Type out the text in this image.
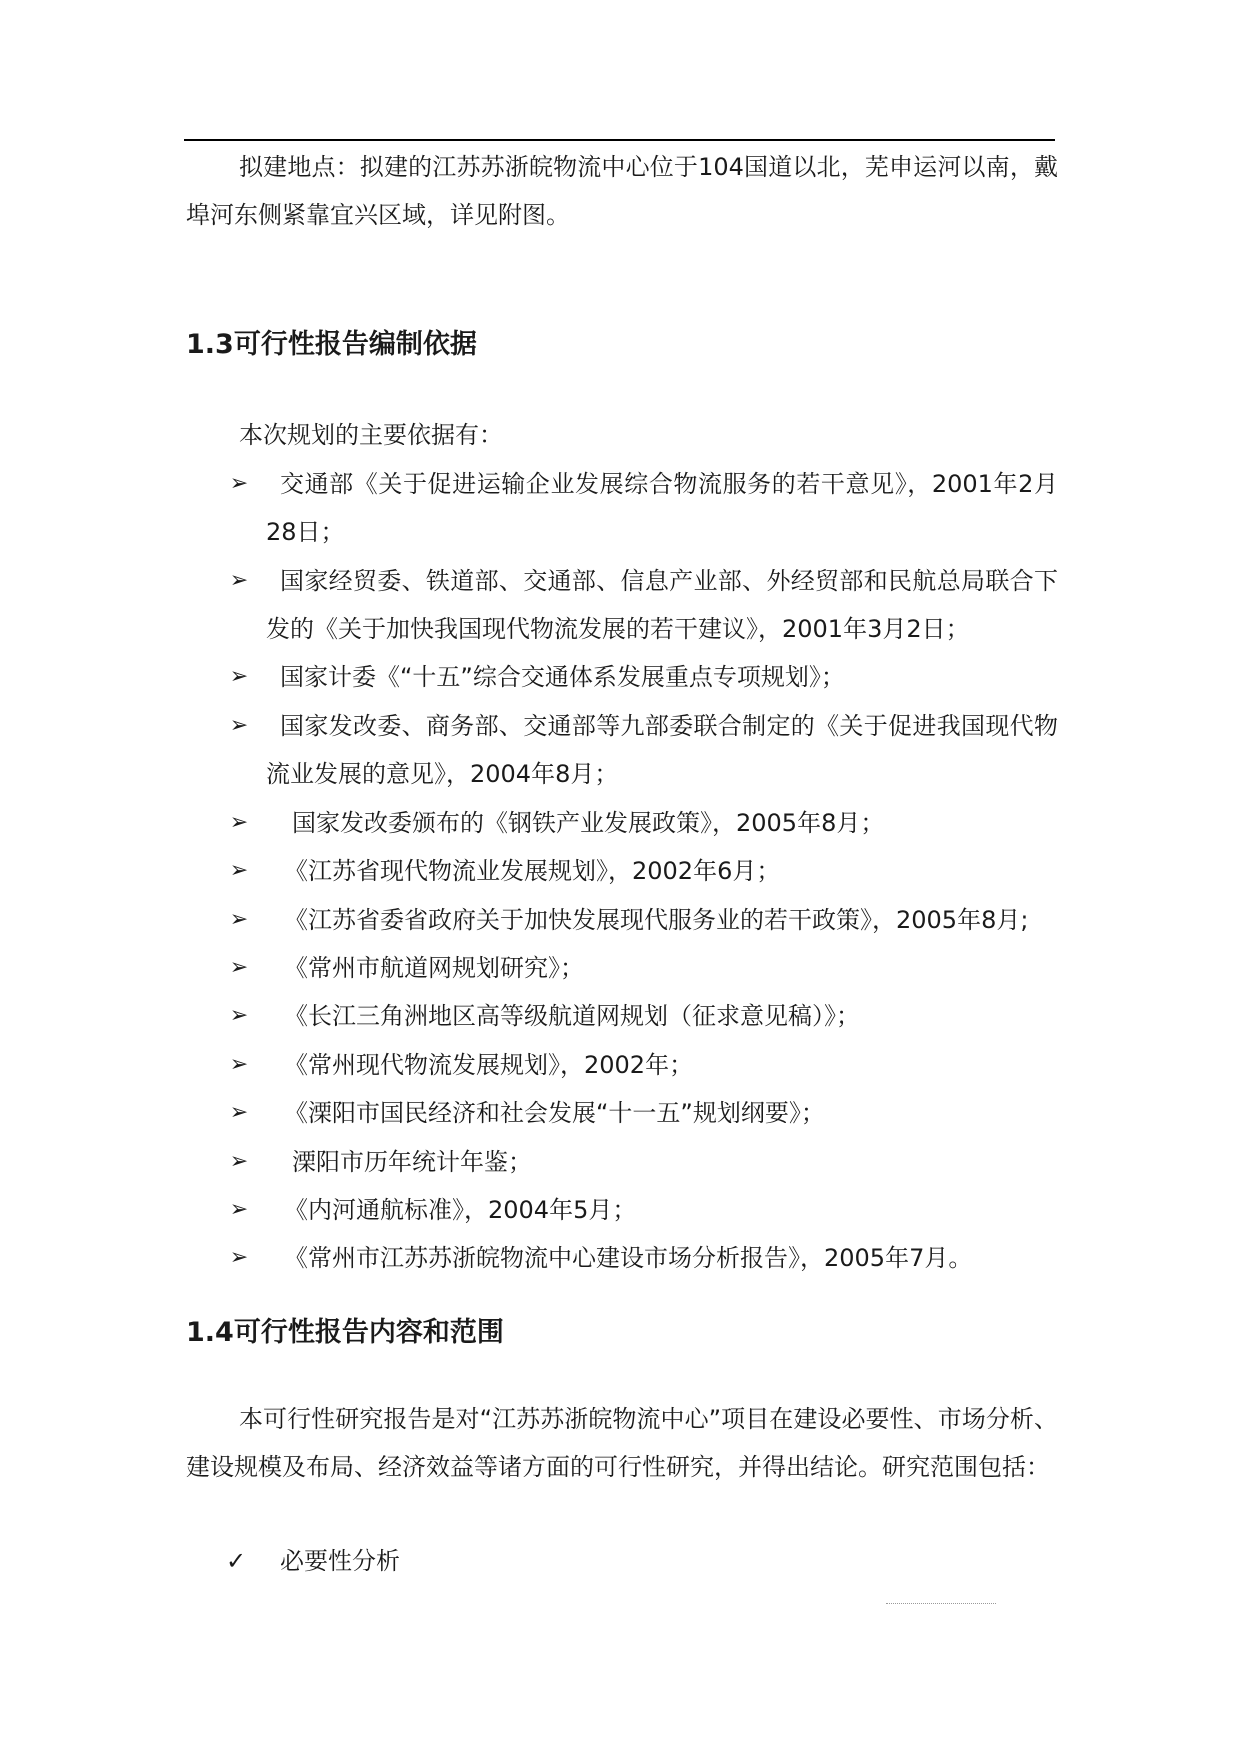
拟建地点：拟建的江苏苏浙皖物流中心位于104国道以北，芜申运河以南，戴埠河东侧紧靠宜兴区域，详见附图。

1.3可行性报告编制依据

本次规划的主要依据有：

➢	交通部《关于促进运输企业发展综合物流服务的若干意见》，2001年2月28日；

➢	国家经贸委、铁道部、交通部、信息产业部、外经贸部和民航总局联合下发的《关于加快我国现代物流发展的若干建议》，2001年3月2日；

➢	国家计委《“十五”综合交通体系发展重点专项规划》；

➢	国家发改委、商务部、交通部等九部委联合制定的《关于促进我国现代物流业发展的意见》，2004年8月；

➢ 国家发改委颁布的《钢铁产业发展政策》，2005年8月；

➢ 《江苏省现代物流业发展规划》，2002年6月；

➢ 《江苏省委省政府关于加快发展现代服务业的若干政策》，2005年8月;

➢ 《常州市航道网规划研究》；

➢ 《长江三角洲地区高等级航道网规划（征求意见稿）》；

➢ 《常州现代物流发展规划》，2002年；

➢ 《溧阳市国民经济和社会发展“十一五”规划纲要》；

➢ 溧阳市历年统计年鉴；

➢ 《内河通航标准》，2004年5月；

➢ 《常州市江苏苏浙皖物流中心建设市场分析报告》，2005年7月。

1.4可行性报告内容和范围

本可行性研究报告是对“江苏苏浙皖物流中心”项目在建设必要性、市场分析、建设规模及布局、经济效益等诸方面的可行性研究，并得出结论。研究范围包括：

✓ 必要性分析
